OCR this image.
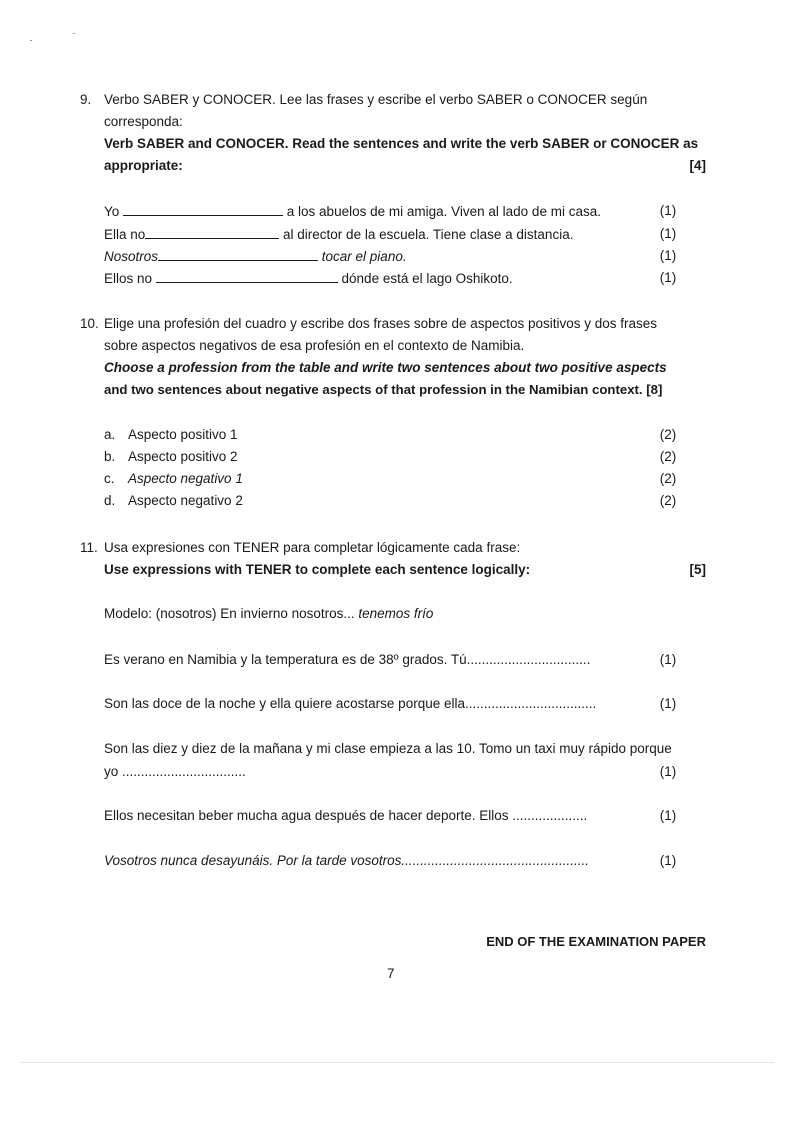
9. Verbo SABER y CONOCER. Lee las frases y escribe el verbo SABER o CONOCER según
corresponda:
Verb SABER and CONOCER. Read the sentences and write the verb SABER or CONOCER as
appropriate:	[4]
Yo	a los abuelos de mi amiga. Viven al lado de mi casa.	(1)
Ella no	al director de la escuela. Tiene clase a distancia.	(1)
Nosotros	tocar el piano.	(1)
Ellos no	dónde está el lago Oshikoto.	(1)
10. Elige una profesión del cuadro y escribe dos frases sobre de aspectos positivos y dos frases
sobre aspectos negativos de esa profesión en el contexto de Namibia.
Choose a profession from the table and write two sentences about two positive aspects
and two sentences about negative aspects of that profession in the Namibian context. [8]
a. Aspecto positivo 1	(2)
b. Aspecto positivo 2	(2)
c. Aspecto negativo 1	(2)
d. Aspecto negativo 2	(2)
11. Usa expresiones con TENER para completar lógicamente cada frase:
Use expressions with TENER to complete each sentence logically:	[5]
Modelo: (nosotros) En invierno nosotros... tenemos frío
Es verano en Namibia y la temperatura es de 38º grados. Tú.................................	(1)
Son las doce de la noche y ella quiere acostarse porque ella...................................	(1)
Son las diez y diez de la mañana y mi clase empieza a las 10. Tomo un taxi muy rápido porque
yo .................................	(1)
Ellos necesitan beber mucha agua después de hacer deporte. Ellos ....................	(1)
Vosotros nunca desayunáis. Por la tarde vosotros..................................................	(1)
END OF THE EXAMINATION PAPER
7
